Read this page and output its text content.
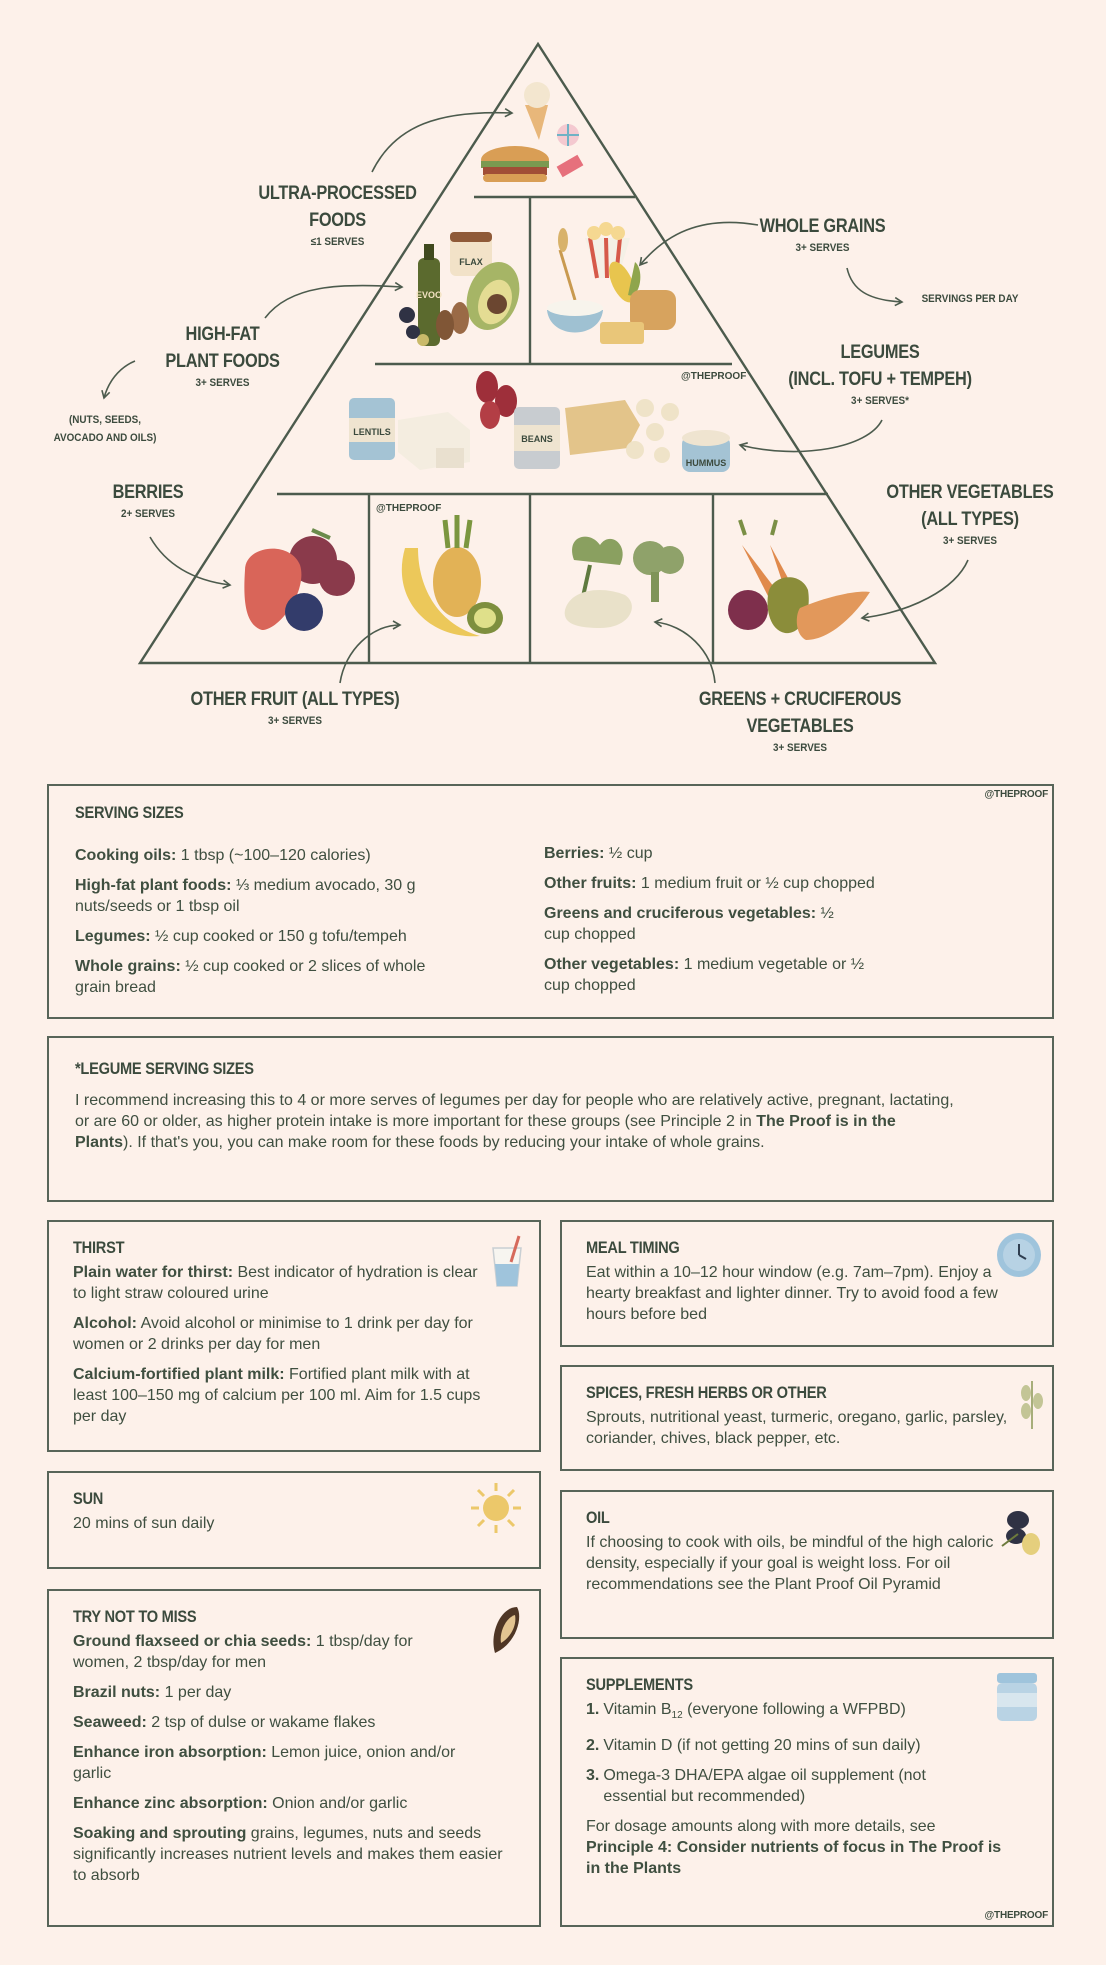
FLAX
EVOO
LENTILS
BEANS
HUMMUS
@THEPROOF
@THEPROOF
ULTRA-PROCESSED
FOODS
≤1 SERVES
WHOLE GRAINS
3+ SERVES
SERVINGS PER DAY
HIGH-FAT
PLANT FOODS
3+ SERVES
(NUTS, SEEDS,
AVOCADO AND OILS)
LEGUMES
(INCL. TOFU + TEMPEH)
3+ SERVES*
BERRIES
2+ SERVES
OTHER VEGETABLES
(ALL TYPES)
3+ SERVES
OTHER FRUIT (ALL TYPES)
3+ SERVES
GREENS + CRUCIFEROUS VEGETABLES
3+ SERVES
@THEPROOF
SERVING SIZES
Cooking oils: 1 tbsp (~100–120 calories)
High-fat plant foods: ⅓ medium avocado, 30 g nuts/seeds or 1 tbsp oil
Legumes: ½ cup cooked or 150 g tofu/tempeh
Whole grains: ½ cup cooked or 2 slices of whole grain bread
Berries: ½ cup
Other fruits: 1 medium fruit or ½ cup chopped
Greens and cruciferous vegetables: ½ cup chopped
Other vegetables: 1 medium vegetable or ½ cup chopped
*LEGUME SERVING SIZES
I recommend increasing this to 4 or more serves of legumes per day for people who are relatively active, pregnant, lactating, or are 60 or older, as higher protein intake is more important for these groups (see Principle 2 in The Proof is in the Plants). If that's you, you can make room for these foods by reducing your intake of whole grains.
THIRST
Plain water for thirst: Best indicator of hydration is clear to light straw coloured urine
Alcohol: Avoid alcohol or minimise to 1 drink per day for women or 2 drinks per day for men
Calcium-fortified plant milk: Fortified plant milk with at least 100–150 mg of calcium per 100 ml. Aim for 1.5 cups per day
MEAL TIMING
Eat within a 10–12 hour window (e.g. 7am–7pm). Enjoy a hearty breakfast and lighter dinner. Try to avoid food a few hours before bed
SPICES, FRESH HERBS OR OTHER
Sprouts, nutritional yeast, turmeric, oregano, garlic, parsley, coriander, chives, black pepper, etc.
SUN
20 mins of sun daily	OIL
If choosing to cook with oils, be mindful of the high caloric density, especially if your goal is weight loss. For oil recommendations see the Plant Proof Oil Pyramid
TRY NOT TO MISS
Ground flaxseed or chia seeds: 1 tbsp/day for women, 2 tbsp/day for men
Brazil nuts: 1 per day
Seaweed: 2 tsp of dulse or wakame flakes
Enhance iron absorption: Lemon juice, onion and/or garlic
Enhance zinc absorption: Onion and/or garlic
Soaking and sprouting grains, legumes, nuts and seeds significantly increases nutrient levels and makes them easier to absorb
SUPPLEMENTS
1. Vitamin $B_{12}$ (everyone following a WFPBD)
2. Vitamin D (if not getting 20 mins of sun daily)
3. Omega-3 DHA/EPA algae oil supplement (not essential but recommended)
For dosage amounts along with more details, see Principle 4: Consider nutrients of focus in The Proof is in the Plants
@THEPROOF
